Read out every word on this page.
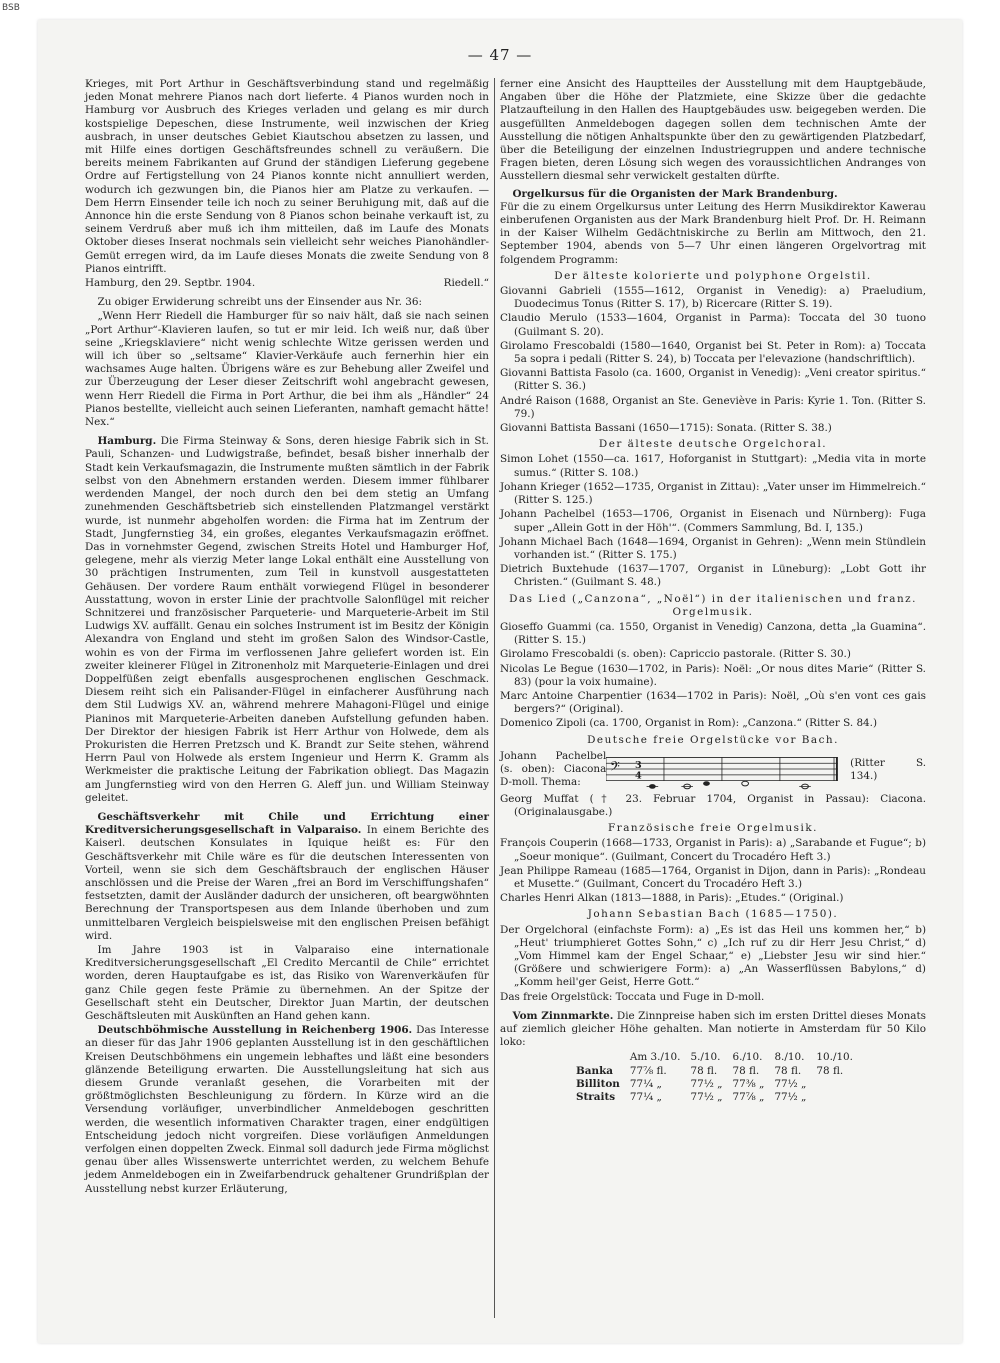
BSB
— 47 —

Krieges, mit Port Arthur in Geschäftsverbindung stand und regelmäßig jeden Monat mehrere Pianos nach dort lieferte. 4 Pianos wurden noch in Hamburg vor Ausbruch des Krieges verladen und gelang es mir durch kostspielige Depeschen, diese Instrumente, weil inzwischen der Krieg ausbrach, in unser deutsches Gebiet Kiautschou absetzen zu lassen, und mit Hilfe eines dortigen Geschäftsfreundes schnell zu veräußern. Die bereits meinem Fabrikanten auf Grund der ständigen Lieferung gegebene Ordre auf Fertigstellung von 24 Pianos konnte nicht annulliert werden, wodurch ich gezwungen bin, die Pianos hier am Platze zu verkaufen. — Dem Herrn Einsender teile ich noch zu seiner Beruhigung mit, daß auf die Annonce hin die erste Sendung von 8 Pianos schon beinahe verkauft ist, zu seinem Verdruß aber muß ich ihm mitteilen, daß im Laufe des Monats Oktober dieses Inserat nochmals sein vielleicht sehr weiches Pianohändler-Gemüt erregen wird, da im Laufe dieses Monats die zweite Sendung von 8 Pianos eintrifft.

Hamburg, den 29. Septbr. 1904.	Riedell.“

Zu obiger Erwiderung schreibt uns der Einsender aus Nr. 36:

„Wenn Herr Riedell die Hamburger für so naiv hält, daß sie nach seinen „Port Arthur“-Klavieren laufen, so tut er mir leid. Ich weiß nur, daß über seine „Kriegsklaviere“ nicht wenig schlechte Witze gerissen werden und will ich über so „seltsame“ Klavier-Verkäufe auch fernerhin hier ein wachsames Auge halten. Übrigens wäre es zur Behebung aller Zweifel und zur Überzeugung der Leser dieser Zeitschrift wohl angebracht gewesen, wenn Herr Riedell die Firma in Port Arthur, die bei ihm als „Händler“ 24 Pianos bestellte, vielleicht auch seinen Lieferanten, namhaft gemacht hätte! Nex.“

Hamburg. Die Firma Steinway & Sons, deren hiesige Fabrik sich in St. Pauli, Schanzen- und Ludwigstraße, befindet, besaß bisher innerhalb der Stadt kein Verkaufsmagazin, die Instrumente mußten sämtlich in der Fabrik selbst von den Abnehmern erstanden werden. Diesem immer fühlbarer werdenden Mangel, der noch durch den bei dem stetig an Umfang zunehmenden Geschäftsbetrieb sich einstellenden Platzmangel verstärkt wurde, ist nunmehr abgeholfen worden: die Firma hat im Zentrum der Stadt, Jungfernstieg 34, ein großes, elegantes Verkaufsmagazin eröffnet. Das in vornehmster Gegend, zwischen Streits Hotel und Hamburger Hof, gelegene, mehr als vierzig Meter lange Lokal enthält eine Ausstellung von 30 prächtigen Instrumenten, zum Teil in kunstvoll ausgestatteten Gehäusen. Der vordere Raum enthält vorwiegend Flügel in besonderer Ausstattung, wovon in erster Linie der prachtvolle Salonflügel mit reicher Schnitzerei und französischer Parqueterie- und Marqueterie-Arbeit im Stil Ludwigs XV. auffällt. Genau ein solches Instrument ist im Besitz der Königin Alexandra von England und steht im großen Salon des Windsor-Castle, wohin es von der Firma im verflossenen Jahre geliefert worden ist. Ein zweiter kleinerer Flügel in Zitronenholz mit Marqueterie-Einlagen und drei Doppelfüßen zeigt ebenfalls ausgesprochenen englischen Geschmack. Diesem reiht sich ein Palisander-Flügel in einfacherer Ausführung nach dem Stil Ludwigs XV. an, während mehrere Mahagoni-Flügel und einige Pianinos mit Marqueterie-Arbeiten daneben Aufstellung gefunden haben. Der Direktor der hiesigen Fabrik ist Herr Arthur von Holwede, dem als Prokuristen die Herren Pretzsch und K. Brandt zur Seite stehen, während Herrn Paul von Holwede als erstem Ingenieur und Herrn K. Gramm als Werkmeister die praktische Leitung der Fabrikation obliegt. Das Magazin am Jungfernstieg wird von den Herren G. Aleff jun. und William Steinway geleitet.

Geschäftsverkehr mit Chile und Errichtung einer Kreditversicherungsgesellschaft in Valparaiso. In einem Berichte des Kaiserl. deutschen Konsulates in Iquique heißt es: Für den Geschäftsverkehr mit Chile wäre es für die deutschen Interessenten von Vorteil, wenn sie sich dem Geschäftsbrauch der englischen Häuser anschlössen und die Preise der Waren „frei an Bord im Verschiffungshafen“ festsetzten, damit der Ausländer dadurch der unsicheren, oft beargwöhnten Berechnung der Transportspesen aus dem Inlande überhoben und zum unmittelbaren Vergleich beispielsweise mit den englischen Preisen befähigt wird.

Im Jahre 1903 ist in Valparaiso eine internationale Kreditversicherungsgesellschaft „El Credito Mercantil de Chile“ errichtet worden, deren Hauptaufgabe es ist, das Risiko von Warenverkäufen für ganz Chile gegen feste Prämie zu übernehmen. An der Spitze der Gesellschaft steht ein Deutscher, Direktor Juan Martin, der deutschen Geschäftsleuten mit Auskünften an Hand gehen kann.

Deutschböhmische Ausstellung in Reichenberg 1906. Das Interesse an dieser für das Jahr 1906 geplanten Ausstellung ist in den geschäftlichen Kreisen Deutschböhmens ein ungemein lebhaftes und läßt eine besonders glänzende Beteiligung erwarten. Die Ausstellungsleitung hat sich aus diesem Grunde veranlaßt gesehen, die Vorarbeiten mit der größtmöglichsten Beschleunigung zu fördern. In Kürze wird an die Versendung vorläufiger, unverbindlicher Anmeldebogen geschritten werden, die wesentlich informativen Charakter tragen, einer endgültigen Entscheidung jedoch nicht vorgreifen. Diese vorläufigen Anmeldungen verfolgen einen doppelten Zweck. Einmal soll dadurch jede Firma möglichst genau über alles Wissenswerte unterrichtet werden, zu welchem Behufe jedem Anmeldebogen ein in Zweifarbendruck gehaltener Grundrißplan der Ausstellung nebst kurzer Erläuterung,

ferner eine Ansicht des Hauptteiles der Ausstellung mit dem Hauptgebäude, Angaben über die Höhe der Platzmiete, eine Skizze über die gedachte Platzaufteilung in den Hallen des Hauptgebäudes usw. beigegeben werden. Die ausgefüllten Anmeldebogen dagegen sollen dem technischen Amte der Ausstellung die nötigen Anhaltspunkte über den zu gewärtigenden Platzbedarf, über die Beteiligung der einzelnen Industriegruppen und andere technische Fragen bieten, deren Lösung sich wegen des voraussichtlichen Andranges von Ausstellern diesmal sehr verwickelt gestalten dürfte.

Orgelkursus für die Organisten der Mark Brandenburg.
Für die zu einem Orgelkursus unter Leitung des Herrn Musikdirektor Kawerau einberufenen Organisten aus der Mark Brandenburg hielt Prof. Dr. H. Reimann in der Kaiser Wilhelm Gedächtniskirche zu Berlin am Mittwoch, den 21. September 1904, abends von 5—7 Uhr einen längeren Orgelvortrag mit folgendem Programm:

Der älteste kolorierte und polyphone Orgelstil.
Giovanni Gabrieli (1555—1612, Organist in Venedig): a) Praeludium, Duodecimus Tonus (Ritter S. 17), b) Ricercare (Ritter S. 19).
Claudio Merulo (1533—1604, Organist in Parma): Toccata del 30 tuono (Guilmant S. 20).
Girolamo Frescobaldi (1580—1640, Organist bei St. Peter in Rom): a) Toccata 5a sopra i pedali (Ritter S. 24), b) Toccata per l'elevazione (handschriftlich).
Giovanni Battista Fasolo (ca. 1600, Organist in Venedig): „Veni creator spiritus.“ (Ritter S. 36.)
André Raison (1688, Organist an Ste. Geneviève in Paris: Kyrie 1. Ton. (Ritter S. 79.)
Giovanni Battista Bassani (1650—1715): Sonata. (Ritter S. 38.)
Der älteste deutsche Orgelchoral.
Simon Lohet (1550—ca. 1617, Hoforganist in Stuttgart): „Media vita in morte sumus.“ (Ritter S. 108.)
Johann Krieger (1652—1735, Organist in Zittau): „Vater unser im Himmelreich.“ (Ritter S. 125.)
Johann Pachelbel (1653—1706, Organist in Eisenach und Nürnberg): Fuga super „Allein Gott in der Höh'“. (Commers Sammlung, Bd. I, 135.)
Johann Michael Bach (1648—1694, Organist in Gehren): „Wenn mein Stündlein vorhanden ist.“ (Ritter S. 175.)
Dietrich Buxtehude (1637—1707, Organist in Lüneburg): „Lobt Gott ihr Christen.“ (Guilmant S. 48.)
Das Lied („Canzona“, „Noël“) in der italienischen und franz. Orgelmusik.
Gioseffo Guammi (ca. 1550, Organist in Venedig) Canzona, detta „la Guamina“. (Ritter S. 15.)
Girolamo Frescobaldi (s. oben): Capriccio pastorale. (Ritter S. 30.)
Nicolas Le Begue (1630—1702, in Paris): Noël: „Or nous dites Marie“ (Ritter S. 83) (pour la voix humaine).
Marc Antoine Charpentier (1634—1702 in Paris): Noël, „Où s'en vont ces gais bergers?“ (Original).
Domenico Zipoli (ca. 1700, Organist in Rom): „Canzona.“ (Ritter S. 84.)
Deutsche freie Orgelstücke vor Bach.
Johann Pachelbel (s. oben): Ciacona D-moll. Thema:
𝄢 3
4
(Ritter S. 134.)
Georg Muffat († 23. Februar 1704, Organist in Passau): Ciacona. (Originalausgabe.)
Französische freie Orgelmusik.
François Couperin (1668—1733, Organist in Paris): a) „Sarabande et Fugue“; b) „Soeur monique“. (Guilmant, Concert du Trocadéro Heft 3.)
Jean Philippe Rameau (1685—1764, Organist in Dijon, dann in Paris): „Rondeau et Musette.“ (Guilmant, Concert du Trocadéro Heft 3.)
Charles Henri Alkan (1813—1888, in Paris): „Etudes.“ (Original.)
Johann Sebastian Bach (1685—1750).
Der Orgelchoral (einfachste Form): a) „Es ist das Heil uns kommen her,“ b) „Heut' triumphieret Gottes Sohn,“ c) „Ich ruf zu dir Herr Jesu Christ,“ d) „Vom Himmel kam der Engel Schaar,“ e) „Liebster Jesu wir sind hier.“ (Größere und schwierigere Form): a) „An Wasserflüssen Babylons,“ d) „Komm heil'ger Geist, Herre Gott.“
Das freie Orgelstück: Toccata und Fuge in D-moll.

Vom Zinnmarkte. Die Zinnpreise haben sich im ersten Drittel dieses Monats auf ziemlich gleicher Höhe gehalten. Man notierte in Amsterdam für 50 Kilo loko:

	Am 3./10.	5./10.	6./10.	8./10.	10./10.
Banka	77⅞ fl.	78 fl.	78 fl.	78 fl.	78 fl.
Billiton	77¼ „	77½ „	77⅜ „	77½ „	
Straits	77¼ „	77½ „	77⅞ „	77½ „	
